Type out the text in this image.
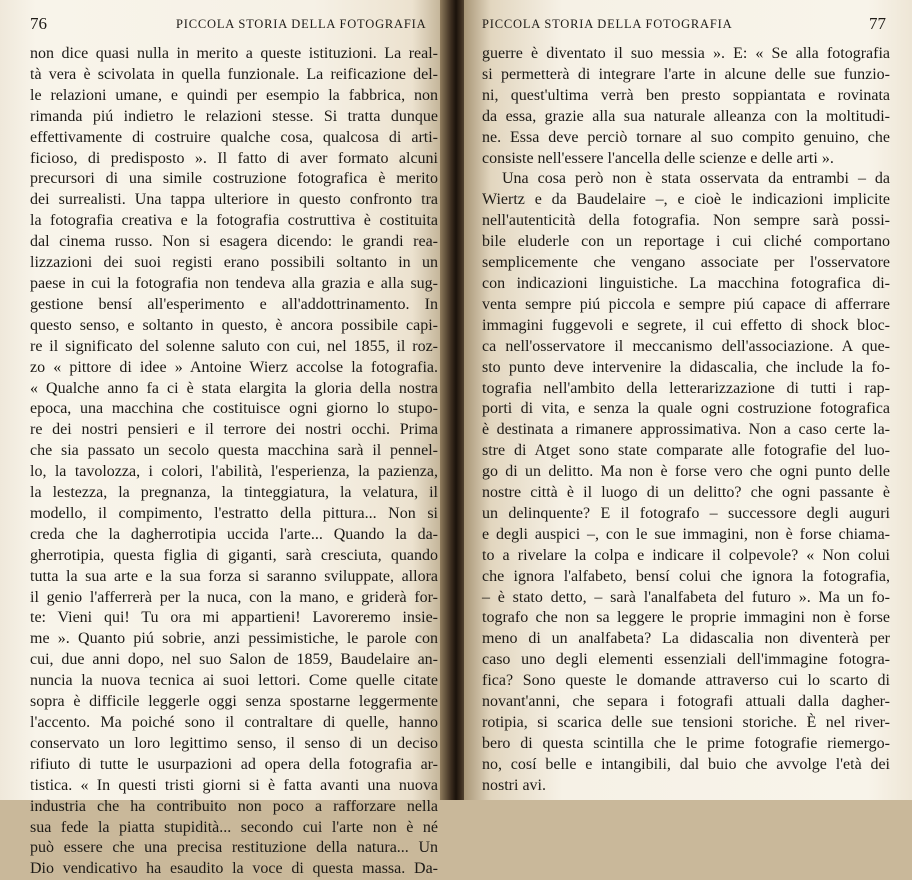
76	PICCOLA STORIA DELLA FOTOGRAFIA
non dice quasi nulla in merito a queste istituzioni. La real-
tà vera è scivolata in quella funzionale. La reificazione del-
le relazioni umane, e quindi per esempio la fabbrica, non
rimanda piú indietro le relazioni stesse. Si tratta dunque
effettivamente di costruire qualche cosa, qualcosa di arti-
ficioso, di predisposto ». Il fatto di aver formato alcuni
precursori di una simile costruzione fotografica è merito
dei surrealisti. Una tappa ulteriore in questo confronto tra
la fotografia creativa e la fotografia costruttiva è costituita
dal cinema russo. Non si esagera dicendo: le grandi rea-
lizzazioni dei suoi registi erano possibili soltanto in un
paese in cui la fotografia non tendeva alla grazia e alla sug-
gestione bensí all'esperimento e all'addottrinamento. In
questo senso, e soltanto in questo, è ancora possibile capi-
re il significato del solenne saluto con cui, nel 1855, il roz-
zo « pittore di idee » Antoine Wierz accolse la fotografia.
« Qualche anno fa ci è stata elargita la gloria della nostra
epoca, una macchina che costituisce ogni giorno lo stupo-
re dei nostri pensieri e il terrore dei nostri occhi. Prima
che sia passato un secolo questa macchina sarà il pennel-
lo, la tavolozza, i colori, l'abilità, l'esperienza, la pazienza,
la lestezza, la pregnanza, la tinteggiatura, la velatura, il
modello, il compimento, l'estratto della pittura... Non si
creda che la dagherrotipia uccida l'arte... Quando la da-
gherrotipia, questa figlia di giganti, sarà cresciuta, quando
tutta la sua arte e la sua forza si saranno sviluppate, allora
il genio l'afferrerà per la nuca, con la mano, e griderà for-
te: Vieni qui! Tu ora mi appartieni! Lavoreremo insie-
me ». Quanto piú sobrie, anzi pessimistiche, le parole con
cui, due anni dopo, nel suo Salon de 1859, Baudelaire an-
nuncia la nuova tecnica ai suoi lettori. Come quelle citate
sopra è difficile leggerle oggi senza spostarne leggermente
l'accento. Ma poiché sono il contraltare di quelle, hanno
conservato un loro legittimo senso, il senso di un deciso
rifiuto di tutte le usurpazioni ad opera della fotografia ar-
tistica. « In questi tristi giorni si è fatta avanti una nuova
industria che ha contribuito non poco a rafforzare nella
sua fede la piatta stupidità... secondo cui l'arte non è né
può essere che una precisa restituzione della natura... Un
Dio vendicativo ha esaudito la voce di questa massa. Da-
PICCOLA STORIA DELLA FOTOGRAFIA	77
guerre è diventato il suo messia ». E: « Se alla fotografia
si permetterà di integrare l'arte in alcune delle sue funzio-
ni, quest'ultima verrà ben presto soppiantata e rovinata
da essa, grazie alla sua naturale alleanza con la moltitudi-
ne. Essa deve perciò tornare al suo compito genuino, che
consiste nell'essere l'ancella delle scienze e delle arti ».
Una cosa però non è stata osservata da entrambi – da
Wiertz e da Baudelaire –, e cioè le indicazioni implicite
nell'autenticità della fotografia. Non sempre sarà possi-
bile eluderle con un reportage i cui cliché comportano
semplicemente che vengano associate per l'osservatore
con indicazioni linguistiche. La macchina fotografica di-
venta sempre piú piccola e sempre piú capace di afferrare
immagini fuggevoli e segrete, il cui effetto di shock bloc-
ca nell'osservatore il meccanismo dell'associazione. A que-
sto punto deve intervenire la didascalia, che include la fo-
tografia nell'ambito della letterarizzazione di tutti i rap-
porti di vita, e senza la quale ogni costruzione fotografica
è destinata a rimanere approssimativa. Non a caso certe la-
stre di Atget sono state comparate alle fotografie del luo-
go di un delitto. Ma non è forse vero che ogni punto delle
nostre città è il luogo di un delitto? che ogni passante è
un delinquente? E il fotografo – successore degli auguri
e degli auspici –, con le sue immagini, non è forse chiama-
to a rivelare la colpa e indicare il colpevole? « Non colui
che ignora l'alfabeto, bensí colui che ignora la fotografia,
– è stato detto, – sarà l'analfabeta del futuro ». Ma un fo-
tografo che non sa leggere le proprie immagini non è forse
meno di un analfabeta? La didascalia non diventerà per
caso uno degli elementi essenziali dell'immagine fotogra-
fica? Sono queste le domande attraverso cui lo scarto di
novant'anni, che separa i fotografi attuali dalla dagher-
rotipia, si scarica delle sue tensioni storiche. È nel river-
bero di questa scintilla che le prime fotografie riemergo-
no, cosí belle e intangibili, dal buio che avvolge l'età dei
nostri avi.
